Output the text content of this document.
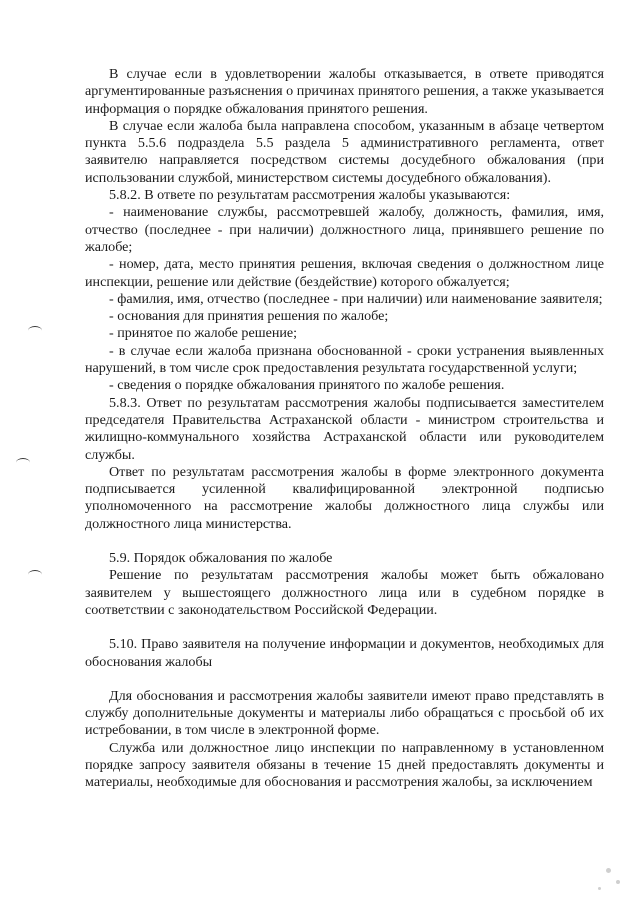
В случае если в удовлетворении жалобы отказывается, в ответе приводятся аргументированные разъяснения о причинах принятого решения, а также указывается информация о порядке обжалования принятого решения.

В случае если жалоба была направлена способом, указанным в абзаце четвертом пункта 5.5.6 подраздела 5.5 раздела 5 административного регламента, ответ заявителю направляется посредством системы досудебного обжалования (при использовании службой, министерством системы досудебного обжалования).

5.8.2. В ответе по результатам рассмотрения жалобы указываются:

- наименование службы, рассмотревшей жалобу, должность, фамилия, имя, отчество (последнее - при наличии) должностного лица, принявшего решение по жалобе;

- номер, дата, место принятия решения, включая сведения о должностном лице инспекции, решение или действие (бездействие) которого обжалуется;

- фамилия, имя, отчество (последнее - при наличии) или наименование заявителя;

- основания для принятия решения по жалобе;

- принятое по жалобе решение;

- в случае если жалоба признана обоснованной - сроки устранения выявленных нарушений, в том числе срок предоставления результата государственной услуги;

- сведения о порядке обжалования принятого по жалобе решения.

5.8.3. Ответ по результатам рассмотрения жалобы подписывается заместителем председателя Правительства Астраханской области - министром строительства и жилищно-коммунального хозяйства Астраханской области или руководителем службы.

Ответ по результатам рассмотрения жалобы в форме электронного документа подписывается усиленной квалифицированной электронной подписью уполномоченного на рассмотрение жалобы должностного лица службы или должностного лица министерства.

5.9. Порядок обжалования по жалобе

Решение по результатам рассмотрения жалобы может быть обжаловано заявителем у вышестоящего должностного лица или в судебном порядке в соответствии с законодательством Российской Федерации.

5.10. Право заявителя на получение информации и документов, необходимых для обоснования жалобы

Для обоснования и рассмотрения жалобы заявители имеют право представлять в службу дополнительные документы и материалы либо обращаться с просьбой об их истребовании, в том числе в электронной форме.

Служба или должностное лицо инспекции по направленному в установленном порядке запросу заявителя обязаны в течение 15 дней предоставлять документы и материалы, необходимые для обоснования и рассмотрения жалобы, за исключением
